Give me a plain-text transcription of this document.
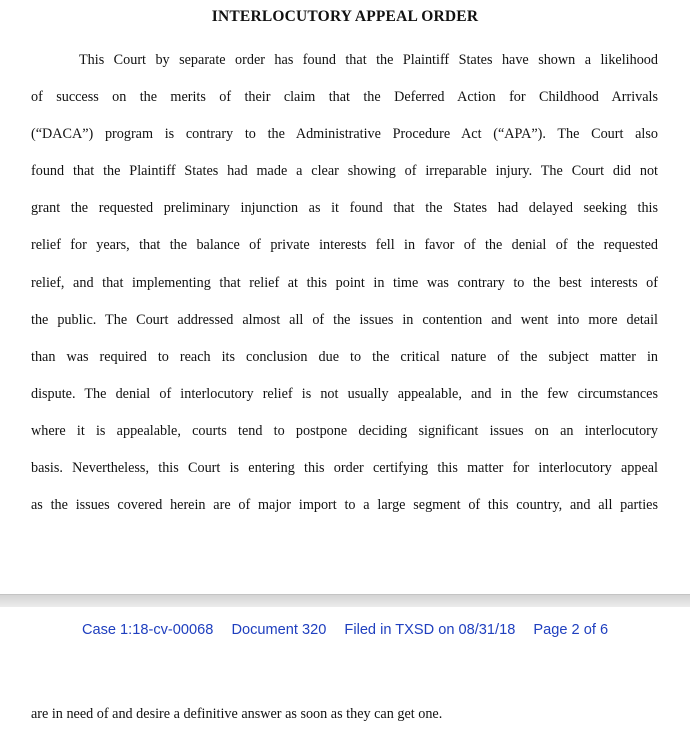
INTERLOCUTORY APPEAL ORDER
This Court by separate order has found that the Plaintiff States have shown a likelihood
of success on the merits of their claim that the Deferred Action for Childhood Arrivals
(“DACA”) program is contrary to the Administrative Procedure Act (“APA”). The Court also
found that the Plaintiff States had made a clear showing of irreparable injury. The Court did not
grant the requested preliminary injunction as it found that the States had delayed seeking this
relief for years, that the balance of private interests fell in favor of the denial of the requested
relief, and that implementing that relief at this point in time was contrary to the best interests of
the public. The Court addressed almost all of the issues in contention and went into more detail
than was required to reach its conclusion due to the critical nature of the subject matter in
dispute. The denial of interlocutory relief is not usually appealable, and in the few circumstances
where it is appealable, courts tend to postpone deciding significant issues on an interlocutory
basis. Nevertheless, this Court is entering this order certifying this matter for interlocutory appeal
as the issues covered herein are of major import to a large segment of this country, and all parties
Case 1:18-cv-00068 Document 320 Filed in TXSD on 08/31/18 Page 2 of 6
are in need of and desire a definitive answer as soon as they can get one.
